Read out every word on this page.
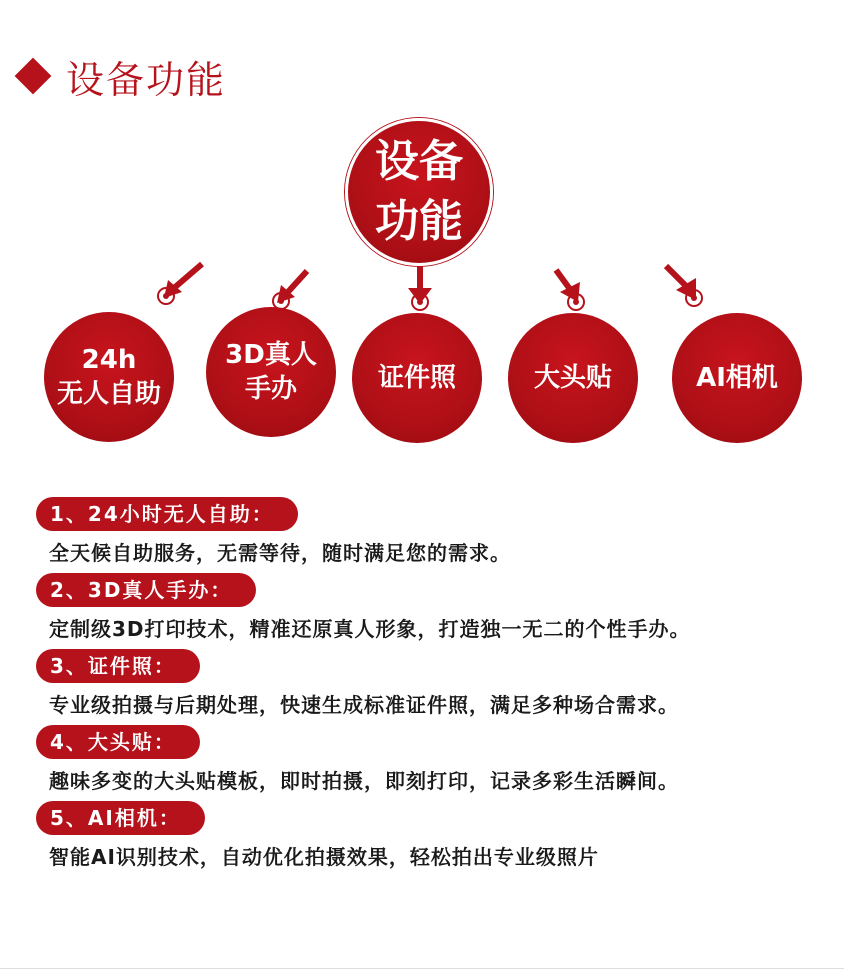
设备功能
设备
功能
24h
无人自助
3D真人
手办	证件照	大头贴	AI相机
1、24小时无人自助：
全天候自助服务，无需等待，随时满足您的需求。
2、3D真人手办：
定制级3D打印技术，精准还原真人形象，打造独一无二的个性手办。
3、证件照：
专业级拍摄与后期处理，快速生成标准证件照，满足多种场合需求。
4、大头贴：
趣味多变的大头贴模板，即时拍摄，即刻打印，记录多彩生活瞬间。
5、AI相机：
智能AI识别技术，自动优化拍摄效果，轻松拍出专业级照片
